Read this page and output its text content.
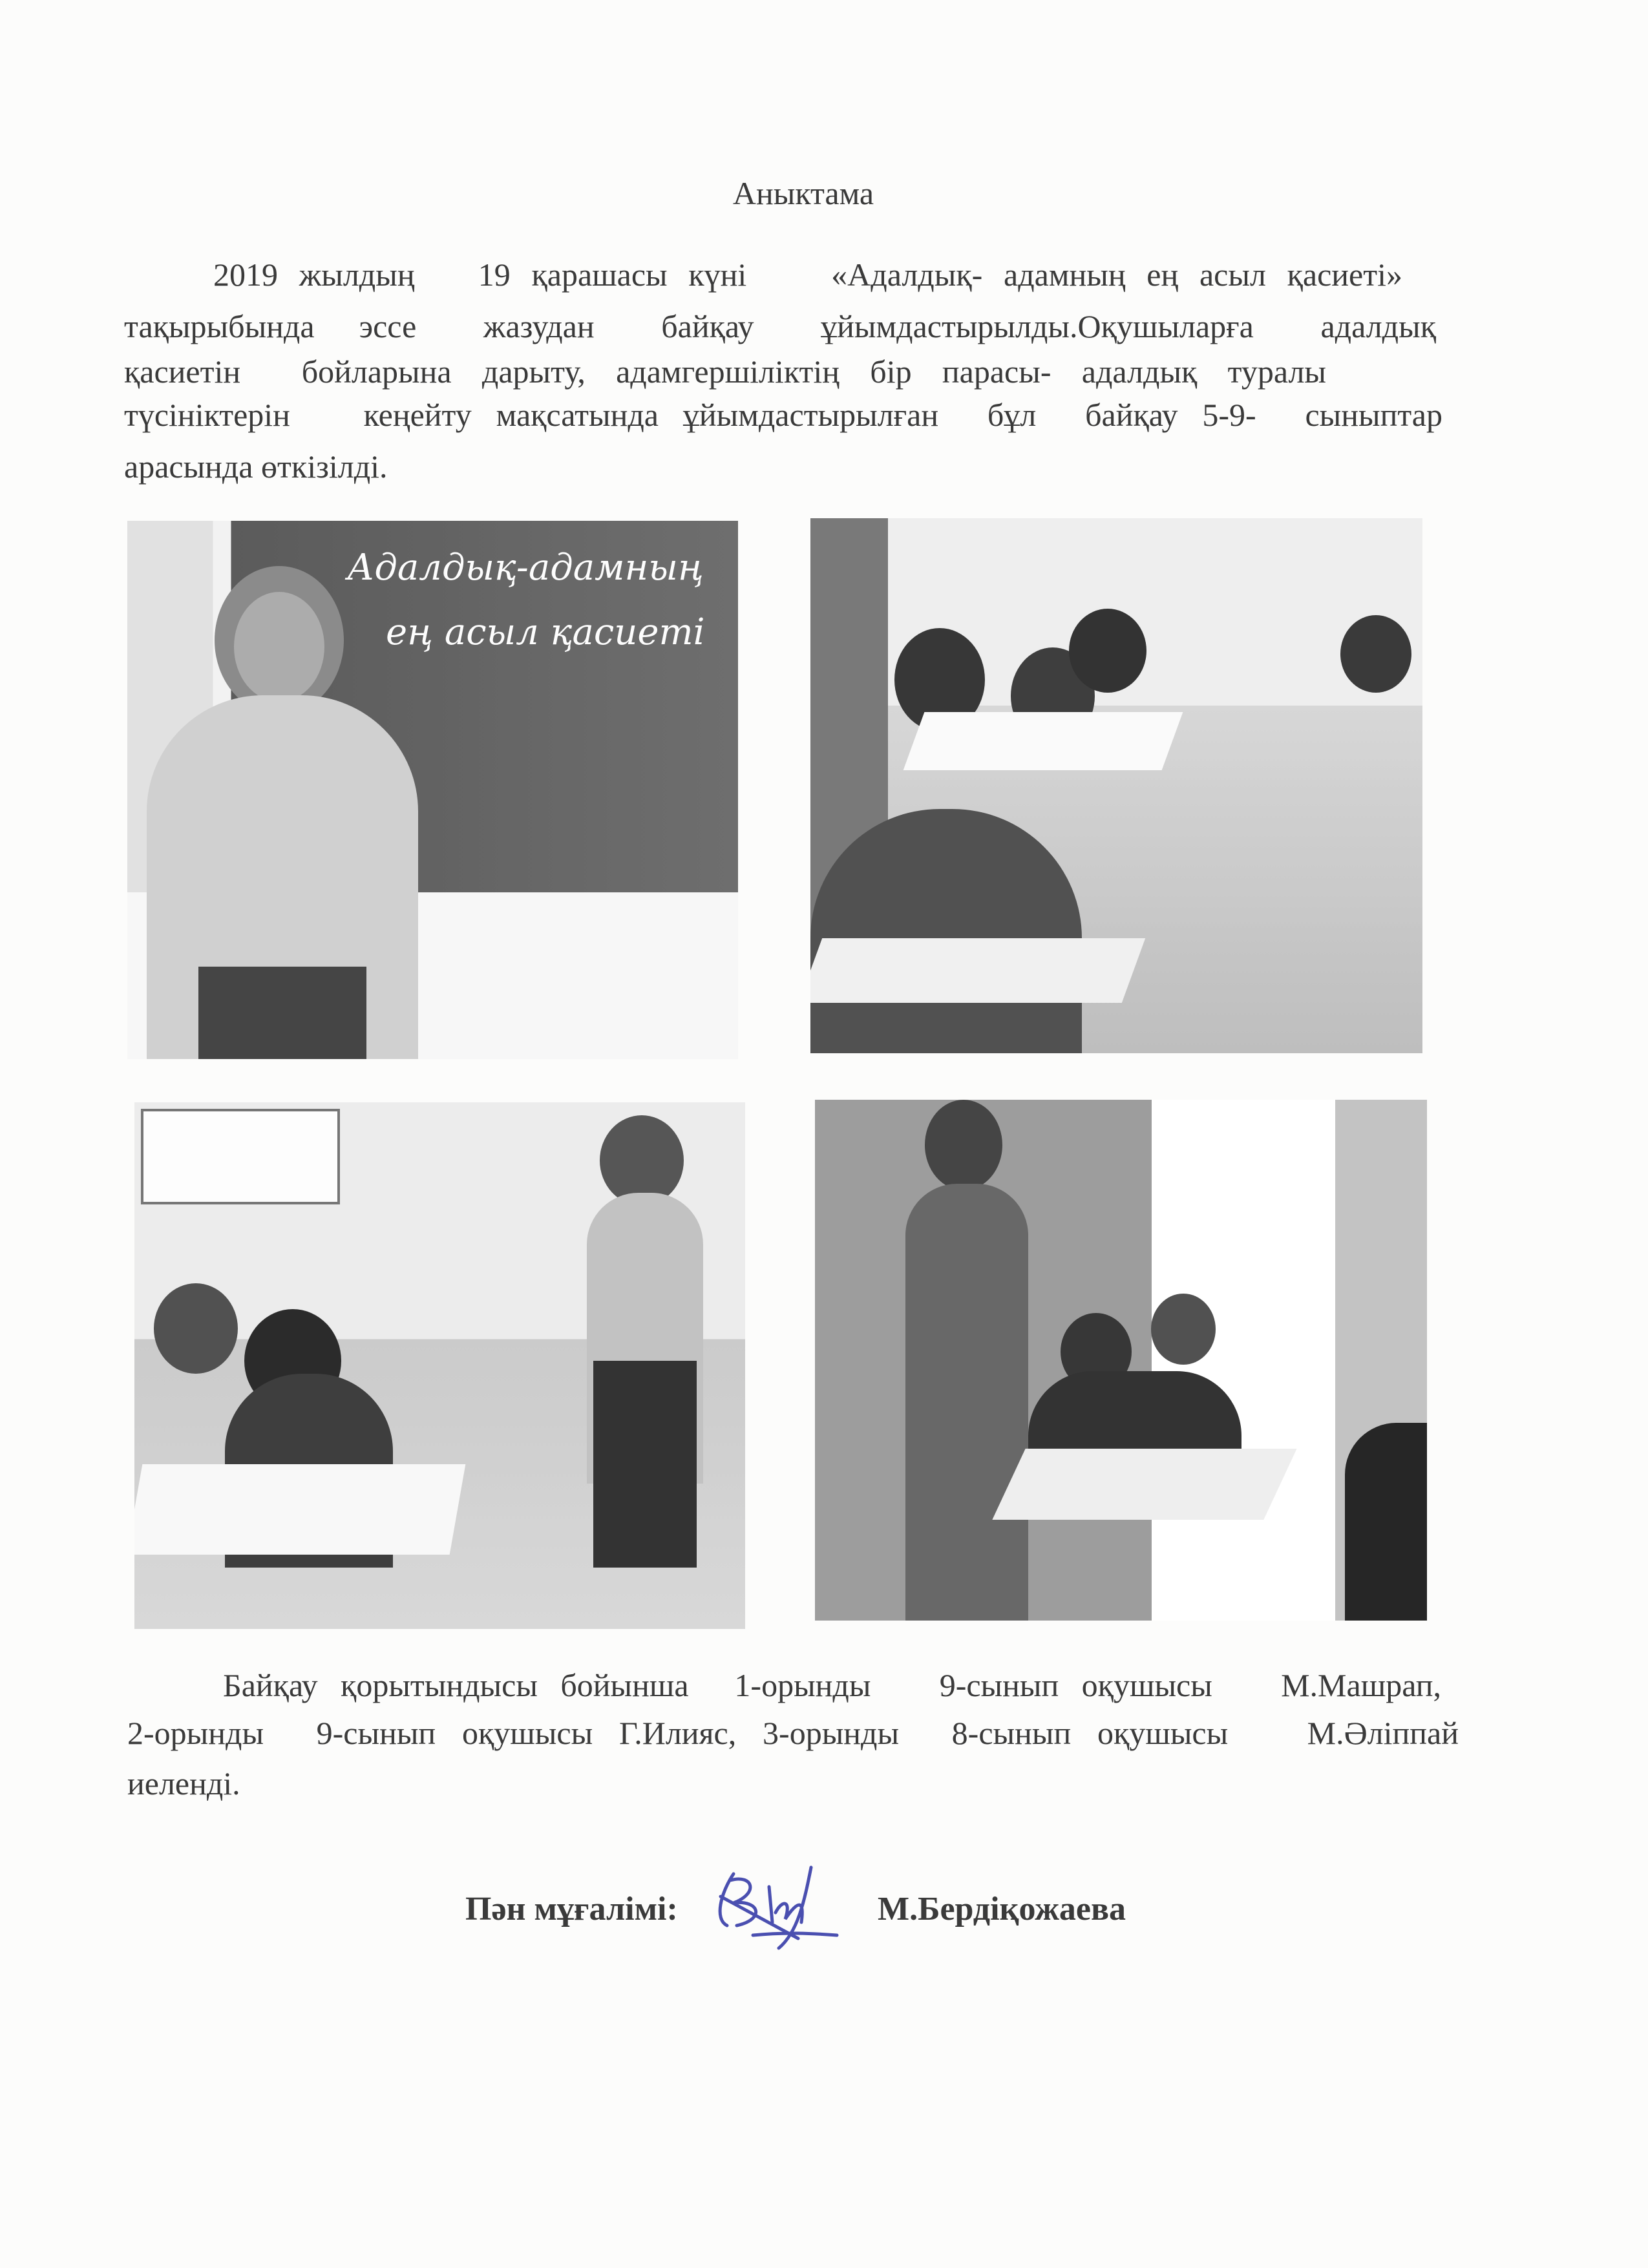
Аныктама
2019 жылдың   19 қарашасы күні    «Адалдық- адамның ең асыл қасиеті»
тақырыбында  эссе   жазудан   байқау   ұйымдастырылды.Оқушыларға   адалдық
қасиетін  бойларына дарыту, адамгершіліктің бір парасы- адалдық туралы
түсініктерін   кеңейту мақсатында ұйымдастырылған  бұл  байқау 5-9-  сыныптар
арасында өткізілді.
Адалдық-адамның
ең асыл қасиеті
Байқау қорытындысы бойынша  1-орынды   9-сынып оқушысы   М.Машрап,
2-орынды  9-сынып оқушысы Г.Илияс, 3-орынды  8-сынып оқушысы   М.Әліппай
иеленді.
Пән мұғалімі:	М.Бердіқожаева
